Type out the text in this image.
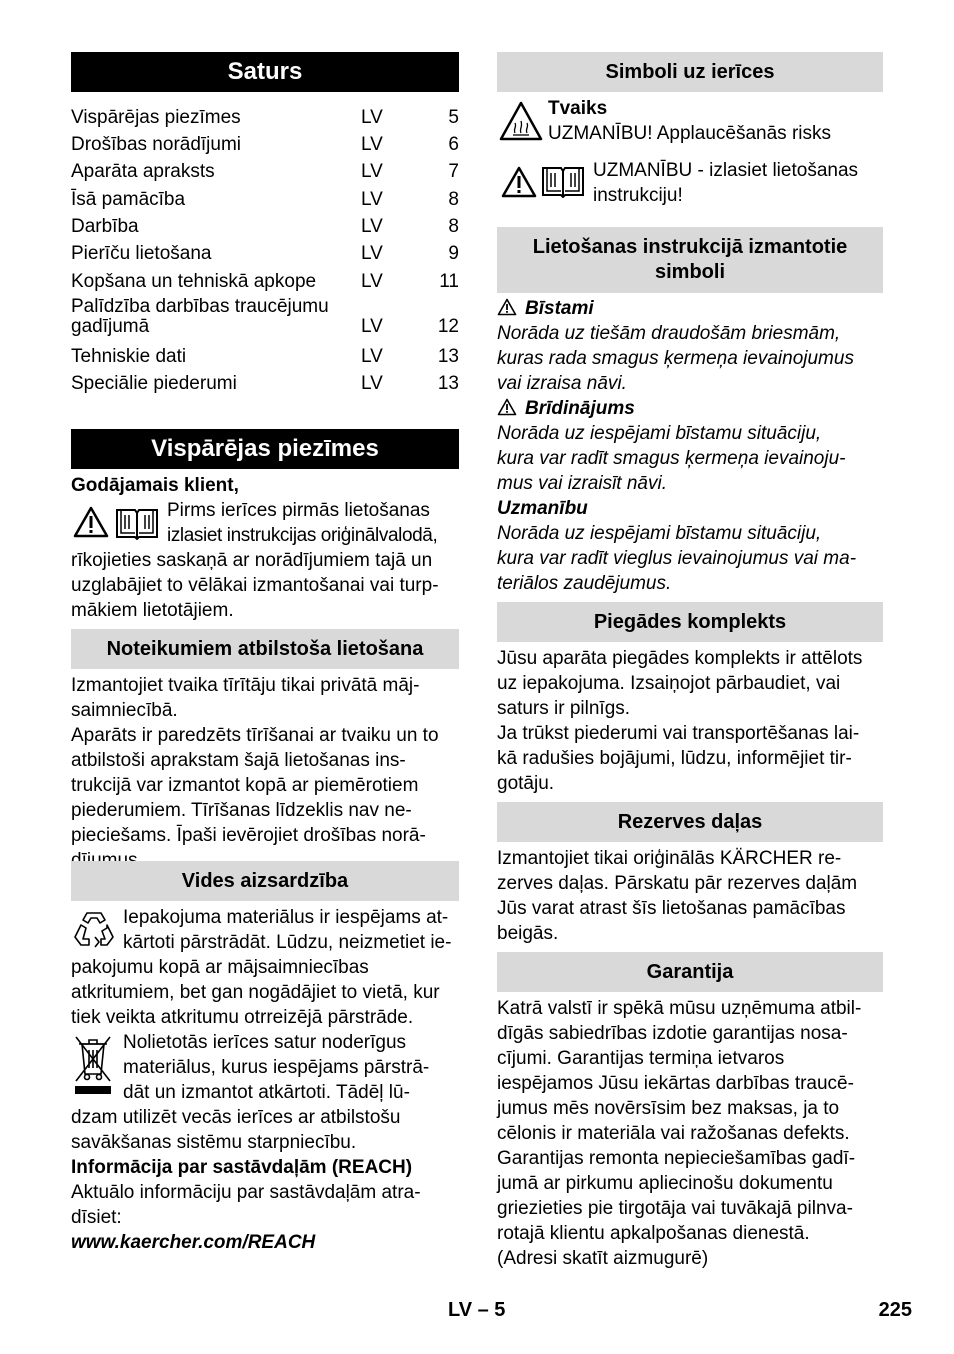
Saturs
Vispārējas piezīmes	LV	5
Drošības norādījumi	LV	6
Aparāta apraksts	LV	7
Īsā pamācība	LV	8
Darbība	LV	8
Pierīču lietošana	LV	9
Kopšana un tehniskā apkope LV	11
Palīdzība darbības traucējumu
gadījumā	LV	12
Tehniskie dati	LV	13
Speciālie piederumi	LV	13
Vispārējas piezīmes

Godājamais klient,

Pirms ierīces pirmās lietošanas

izlasiet instrukcijas oriģinālvalodā,

rīkojieties saskaņā ar norādījumiem tajā un

uzglabājiet to vēlākai izmantošanai vai turp-

mākiem lietotājiem.

Noteikumiem atbilstoša lietošana

Izmantojiet tvaika tīrītāju tikai privātā māj-

saimniecībā.

Aparāts ir paredzēts tīrīšanai ar tvaiku un to

atbilstoši aprakstam šajā lietošanas ins-

trukcijā var izmantot kopā ar piemērotiem

piederumiem. Tīrīšanas līdzeklis nav ne-

pieciešams. Īpaši ievērojiet drošības norā-

Vides aizsardzība

Iepakojuma materiālus ir iespējams at-

kārtoti pārstrādāt. Lūdzu, neizmetiet ie-

pakojumu kopā ar mājsaimniecības

atkritumiem, bet gan nogādājiet to vietā, kur

tiek veikta atkritumu otrreizējā pārstrāde.

Nolietotās ierīces satur noderīgus

materiālus, kurus iespējams pārstrā-

dāt un izmantot atkārtoti. Tādēļ lū-

dzam utilizēt vecās ierīces ar atbilstošu

savākšanas sistēmu starpniecību.

Informācija par sastāvdaļām (REACH)

Aktuālo informāciju par sastāvdaļām atra-

dīsiet:

www.kaercher.com/REACH

Simboli uz ierīces

Tvaiks

UZMANĪBU! Applaucēšanās risks

UZMANĪBU - izlasiet lietošanas

instrukciju!

Lietošanas instrukcijā izmantotie
simboli

Bīstami

Norāda uz tiešām draudošām briesmām,

kuras rada smagus ķermeņa ievainojumus

vai izraisa nāvi.

Brīdinājums

Norāda uz iespējami bīstamu situāciju,

kura var radīt smagus ķermeņa ievainoju-

mus vai izraisīt nāvi.

Uzmanību

Norāda uz iespējami bīstamu situāciju,

kura var radīt vieglus ievainojumus vai ma-

teriālos zaudējumus.

Piegādes komplekts

Jūsu aparāta piegādes komplekts ir attēlots

uz iepakojuma. Izsaiņojot pārbaudiet, vai

saturs ir pilnīgs.

Ja trūkst piederumi vai transportēšanas lai-

kā radušies bojājumi, lūdzu, informējiet tir-

gotāju.

Rezerves daļas

Izmantojiet tikai oriģinālās KÄRCHER re-

zerves daļas. Pārskatu pār rezerves daļām

Jūs varat atrast šīs lietošanas pamācības

beigās.

Garantija

Katrā valstī ir spēkā mūsu uzņēmuma atbil-

dīgās sabiedrības izdotie garantijas nosa-

cījumi. Garantijas termiņa ietvaros

iespējamos Jūsu iekārtas darbības traucē-

jumus mēs novērsīsim bez maksas, ja to

cēlonis ir materiāla vai ražošanas defekts.

Garantijas remonta nepieciešamības gadī-

jumā ar pirkumu apliecinošu dokumentu

griezieties pie tirgotāja vai tuvākajā pilnva-

rotajā klientu apkalpošanas dienestā.

(Adresi skatīt aizmugurē)

LV – 5	225
